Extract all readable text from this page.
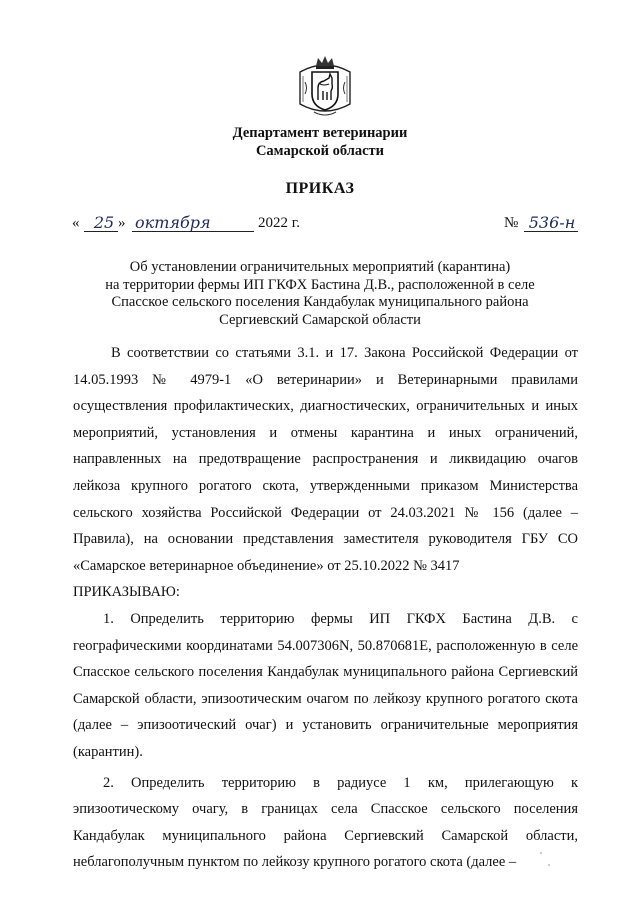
Департамент ветеринарии
Самарской области
ПРИКАЗ
« 25 » октября	2022 г.	№ 536-н
Об установлении ограничительных мероприятий (карантина)
на территории фермы ИП ГКФХ Бастина Д.В., расположенной в селе
Спасское сельского поселения Кандабулак муниципального района
Сергиевский Самарской области

В соответствии со статьями 3.1. и 17. Закона Российской Федерации от 14.05.1993 № 4979-1 «О ветеринарии» и Ветеринарными правилами осуществления профилактических, диагностических, ограничительных и иных мероприятий, установления и отмены карантина и иных ограничений, направленных на предотвращение распространения и ликвидацию очагов лейкоза крупного рогатого скота, утвержденными приказом Министерства сельского хозяйства Российской Федерации от 24.03.2021 № 156 (далее – Правила), на основании представления заместителя руководителя ГБУ СО «Самарское ветеринарное объединение» от 25.10.2022 № 3417

ПРИКАЗЫВАЮ:

1. Определить территорию фермы ИП ГКФХ Бастина Д.В. с географическими координатами 54.007306N, 50.870681E, расположенную в селе Спасское сельского поселения Кандабулак муниципального района Сергиевский Самарской области, эпизоотическим очагом по лейкозу крупного рогатого скота (далее – эпизоотический очаг) и установить ограничительные мероприятия (карантин).

2. Определить территорию в радиусе 1 км, прилегающую к эпизоотическому очагу, в границах села Спасское сельского поселения Кандабулак муниципального района Сергиевский Самарской области, неблагополучным пунктом по лейкозу крупного рогатого скота (далее –
